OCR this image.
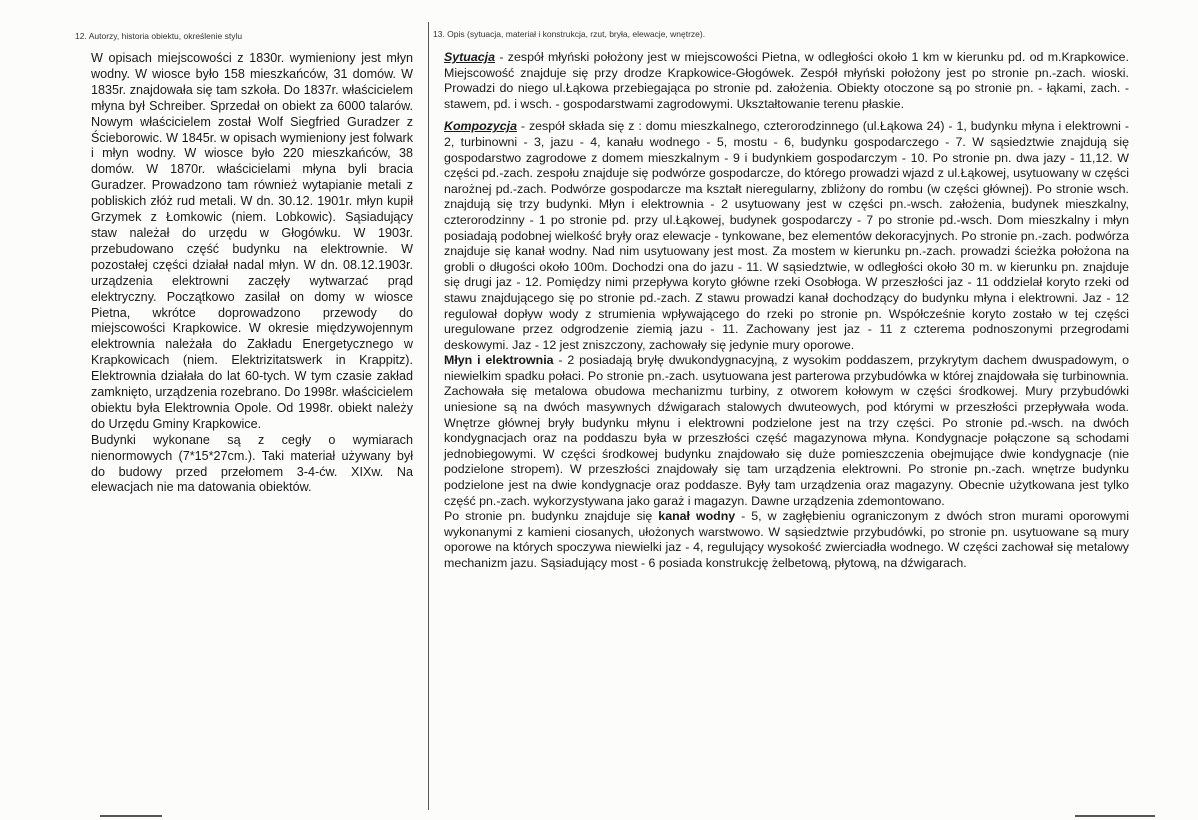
12. Autorzy, historia obiektu, określenie stylu	13. Opis (sytuacja, materiał i konstrukcja, rzut, bryła, elewacje, wnętrze).

W opisach miejscowości z 1830r. wymieniony jest młyn wodny. W wiosce było 158 mieszkańców, 31 domów. W 1835r. znajdowała się tam szkoła. Do 1837r. właścicielem młyna był Schreiber. Sprzedał on obiekt za 6000 talarów. Nowym właścicielem został Wolf Siegfried Guradzer z Ścieborowic. W 1845r. w opisach wymieniony jest folwark i młyn wodny. W wiosce było 220 mieszkańców, 38 domów. W 1870r. właścicielami młyna byli bracia Guradzer. Prowadzono tam również wytapianie metali z pobliskich złóż rud metali. W dn. 30.12. 1901r. młyn kupił Grzymek z Łomkowic (niem. Lobkowic). Sąsiadujący staw należał do urzędu w Głogówku. W 1903r. przebudowano część budynku na elektrownie. W pozostałej części działał nadal młyn. W dn. 08.12.1903r. urządzenia elektrowni zaczęły wytwarzać prąd elektryczny. Początkowo zasilał on domy w wiosce Pietna, wkrótce doprowadzono przewody do miejscowości Krapkowice. W okresie międzywojennym elektrownia należała do Zakładu Energetycznego w Krapkowicach (niem. Elektrizitatswerk in Krappitz). Elektrownia działała do lat 60-tych. W tym czasie zakład zamknięto, urządzenia rozebrano. Do 1998r. właścicielem obiektu była Elektrownia Opole. Od 1998r. obiekt należy do Urzędu Gminy Krapkowice.

Budynki wykonane są z cegły o wymiarach nienormowych (7*15*27cm.). Taki materiał używany był do budowy przed przełomem 3-4-ćw. XIXw. Na elewacjach nie ma datowania obiektów.

Sytuacja - zespół młyński położony jest w miejscowości Pietna, w odległości około 1 km w kierunku pd. od m.Krapkowice. Miejscowość znajduje się przy drodze Krapkowice-Głogówek. Zespół młyński położony jest po stronie pn.-zach. wioski. Prowadzi do niego ul.Łąkowa przebiegająca po stronie pd. założenia. Obiekty otoczone są po stronie pn. - łąkami, zach. - stawem, pd. i wsch. - gospodarstwami zagrodowymi. Ukształtowanie terenu płaskie.

Kompozycja - zespół składa się z : domu mieszkalnego, czterorodzinnego (ul.Łąkowa 24) - 1, budynku młyna i elektrowni - 2, turbinowni - 3, jazu - 4, kanału wodnego - 5, mostu - 6, budynku gospodarczego - 7. W sąsiedztwie znajdują się gospodarstwo zagrodowe z domem mieszkalnym - 9 i budynkiem gospodarczym - 10. Po stronie pn. dwa jazy - 11,12. W części pd.-zach. zespołu znajduje się podwórze gospodarcze, do którego prowadzi wjazd z ul.Łąkowej, usytuowany w części narożnej pd.-zach. Podwórze gospodarcze ma kształt nieregularny, zbliżony do rombu (w części głównej). Po stronie wsch. znajdują się trzy budynki. Młyn i elektrownia - 2 usytuowany jest w części pn.-wsch. założenia, budynek mieszkalny, czterorodzinny - 1 po stronie pd. przy ul.Łąkowej, budynek gospodarczy - 7 po stronie pd.-wsch. Dom mieszkalny i młyn posiadają podobnej wielkość bryły oraz elewacje - tynkowane, bez elementów dekoracyjnych. Po stronie pn.-zach. podwórza znajduje się kanał wodny. Nad nim usytuowany jest most. Za mostem w kierunku pn.-zach. prowadzi ścieżka położona na grobli o długości około 100m. Dochodzi ona do jazu - 11. W sąsiedztwie, w odległości około 30 m. w kierunku pn. znajduje się drugi jaz - 12. Pomiędzy nimi przepływa koryto główne rzeki Osobłoga. W przeszłości jaz - 11 oddzielał koryto rzeki od stawu znajdującego się po stronie pd.-zach. Z stawu prowadzi kanał dochodzący do budynku młyna i elektrowni. Jaz - 12 regulował dopływ wody z strumienia wpływającego do rzeki po stronie pn. Współcześnie koryto zostało w tej części uregulowane przez odgrodzenie ziemią jazu - 11. Zachowany jest jaz - 11 z czterema podnoszonymi przegrodami deskowymi. Jaz - 12 jest zniszczony, zachowały się jedynie mury oporowe.

Młyn i elektrownia - 2 posiadają bryłę dwukondygnacyjną, z wysokim poddaszem, przykrytym dachem dwuspadowym, o niewielkim spadku połaci. Po stronie pn.-zach. usytuowana jest parterowa przybudówka w której znajdowała się turbinownia. Zachowała się metalowa obudowa mechanizmu turbiny, z otworem kołowym w części środkowej. Mury przybudówki uniesione są na dwóch masywnych dźwigarach stalowych dwuteowych, pod którymi w przeszłości przepływała woda. Wnętrze głównej bryły budynku młynu i elektrowni podzielone jest na trzy części. Po stronie pd.-wsch. na dwóch kondygnacjach oraz na poddaszu była w przeszłości część magazynowa młyna. Kondygnacje połączone są schodami jednobiegowymi. W części środkowej budynku znajdowało się duże pomieszczenia obejmujące dwie kondygnacje (nie podzielone stropem). W przeszłości znajdowały się tam urządzenia elektrowni. Po stronie pn.-zach. wnętrze budynku podzielone jest na dwie kondygnacje oraz poddasze. Były tam urządzenia oraz magazyny. Obecnie użytkowana jest tylko część pn.-zach. wykorzystywana jako garaż i magazyn. Dawne urządzenia zdemontowano.

Po stronie pn. budynku znajduje się kanał wodny - 5, w zagłębieniu ograniczonym z dwóch stron murami oporowymi wykonanymi z kamieni ciosanych, ułożonych warstwowo. W sąsiedztwie przybudówki, po stronie pn. usytuowane są mury oporowe na których spoczywa niewielki jaz - 4, regulujący wysokość zwierciadła wodnego. W części zachował się metalowy mechanizm jazu. Sąsiadujący most - 6 posiada konstrukcję żelbetową, płytową, na dźwigarach.
